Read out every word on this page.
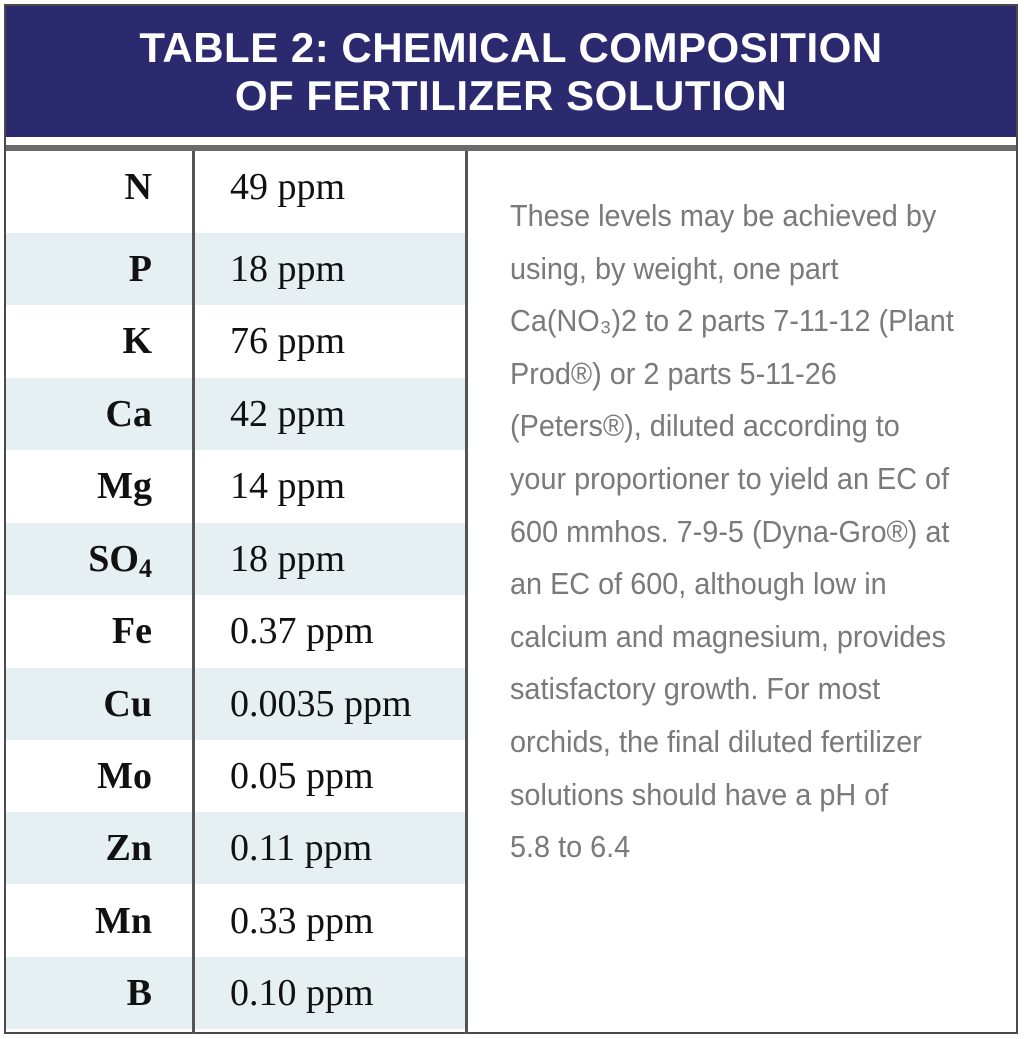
TABLE 2: CHEMICAL COMPOSITION
OF FERTILIZER SOLUTION
N 49 ppm
P 18 ppm
K 76 ppm
Ca 42 ppm
Mg 14 ppm
$SO_4$ 18 ppm
Fe 0.37 ppm
Cu 0.0035 ppm
Mo 0.05 ppm
Zn 0.11 ppm
Mn 0.33 ppm
B 0.10 ppm

These levels may be achieved by

using, by weight, one part

Ca(NO₃)2 to 2 parts 7-11-12 (Plant

Prod®) or 2 parts 5-11-26

(Peters®), diluted according to

your proportioner to yield an EC of

600 mmhos. 7-9-5 (Dyna-Gro®) at

an EC of 600, although low in

calcium and magnesium, provides

satisfactory growth. For most

orchids, the final diluted fertilizer

solutions should have a pH of

5.8 to 6.4
